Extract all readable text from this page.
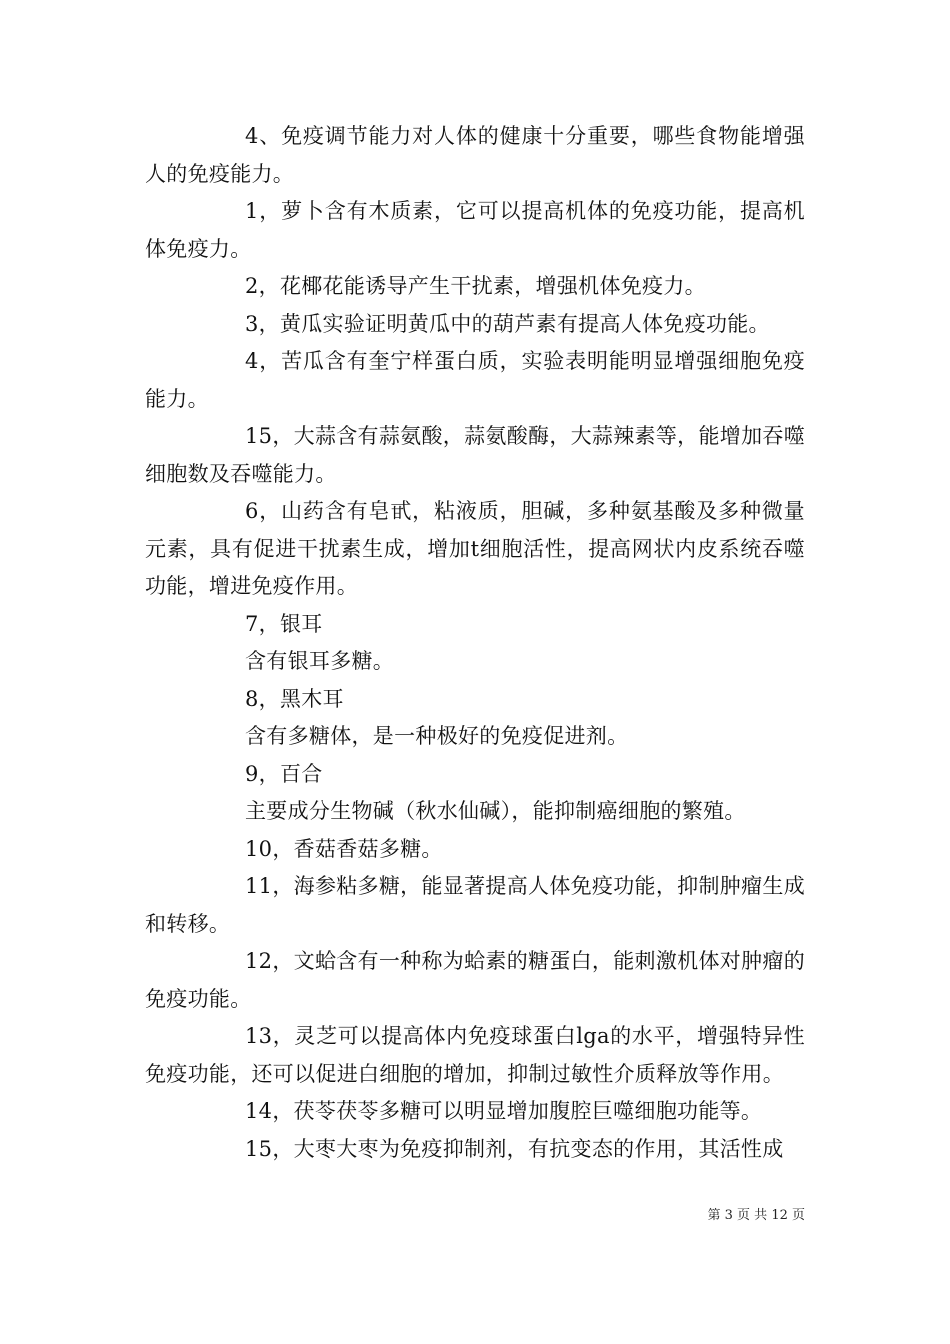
4、免疫调节能力对人体的健康十分重要，哪些食物能增强人的免疫能力。

1，萝卜含有木质素，它可以提高机体的免疫功能，提高机体免疫力。

2，花椰花能诱导产生干扰素，增强机体免疫力。

3，黄瓜实验证明黄瓜中的葫芦素有提高人体免疫功能。

4，苦瓜含有奎宁样蛋白质，实验表明能明显增强细胞免疫能力。

15，大蒜含有蒜氨酸，蒜氨酸酶，大蒜辣素等，能增加吞噬细胞数及吞噬能力。

6，山药含有皂甙，粘液质，胆碱，多种氨基酸及多种微量元素，具有促进干扰素生成，增加t细胞活性，提高网状内皮系统吞噬功能，增进免疫作用。

7，银耳

含有银耳多糖。

8，黑木耳

含有多糖体，是一种极好的免疫促进剂。

9，百合

主要成分生物碱（秋水仙碱），能抑制癌细胞的繁殖。

10，香菇香菇多糖。

11，海参粘多糖，能显著提高人体免疫功能，抑制肿瘤生成和转移。

12，文蛤含有一种称为蛤素的糖蛋白，能刺激机体对肿瘤的免疫功能。

13，灵芝可以提高体内免疫球蛋白lga的水平，增强特异性免疫功能，还可以促进白细胞的增加，抑制过敏性介质释放等作用。

14，茯苓茯苓多糖可以明显增加腹腔巨噬细胞功能等。

15，大枣大枣为免疫抑制剂，有抗变态的作用，其活性成

第 3 页 共 12 页
